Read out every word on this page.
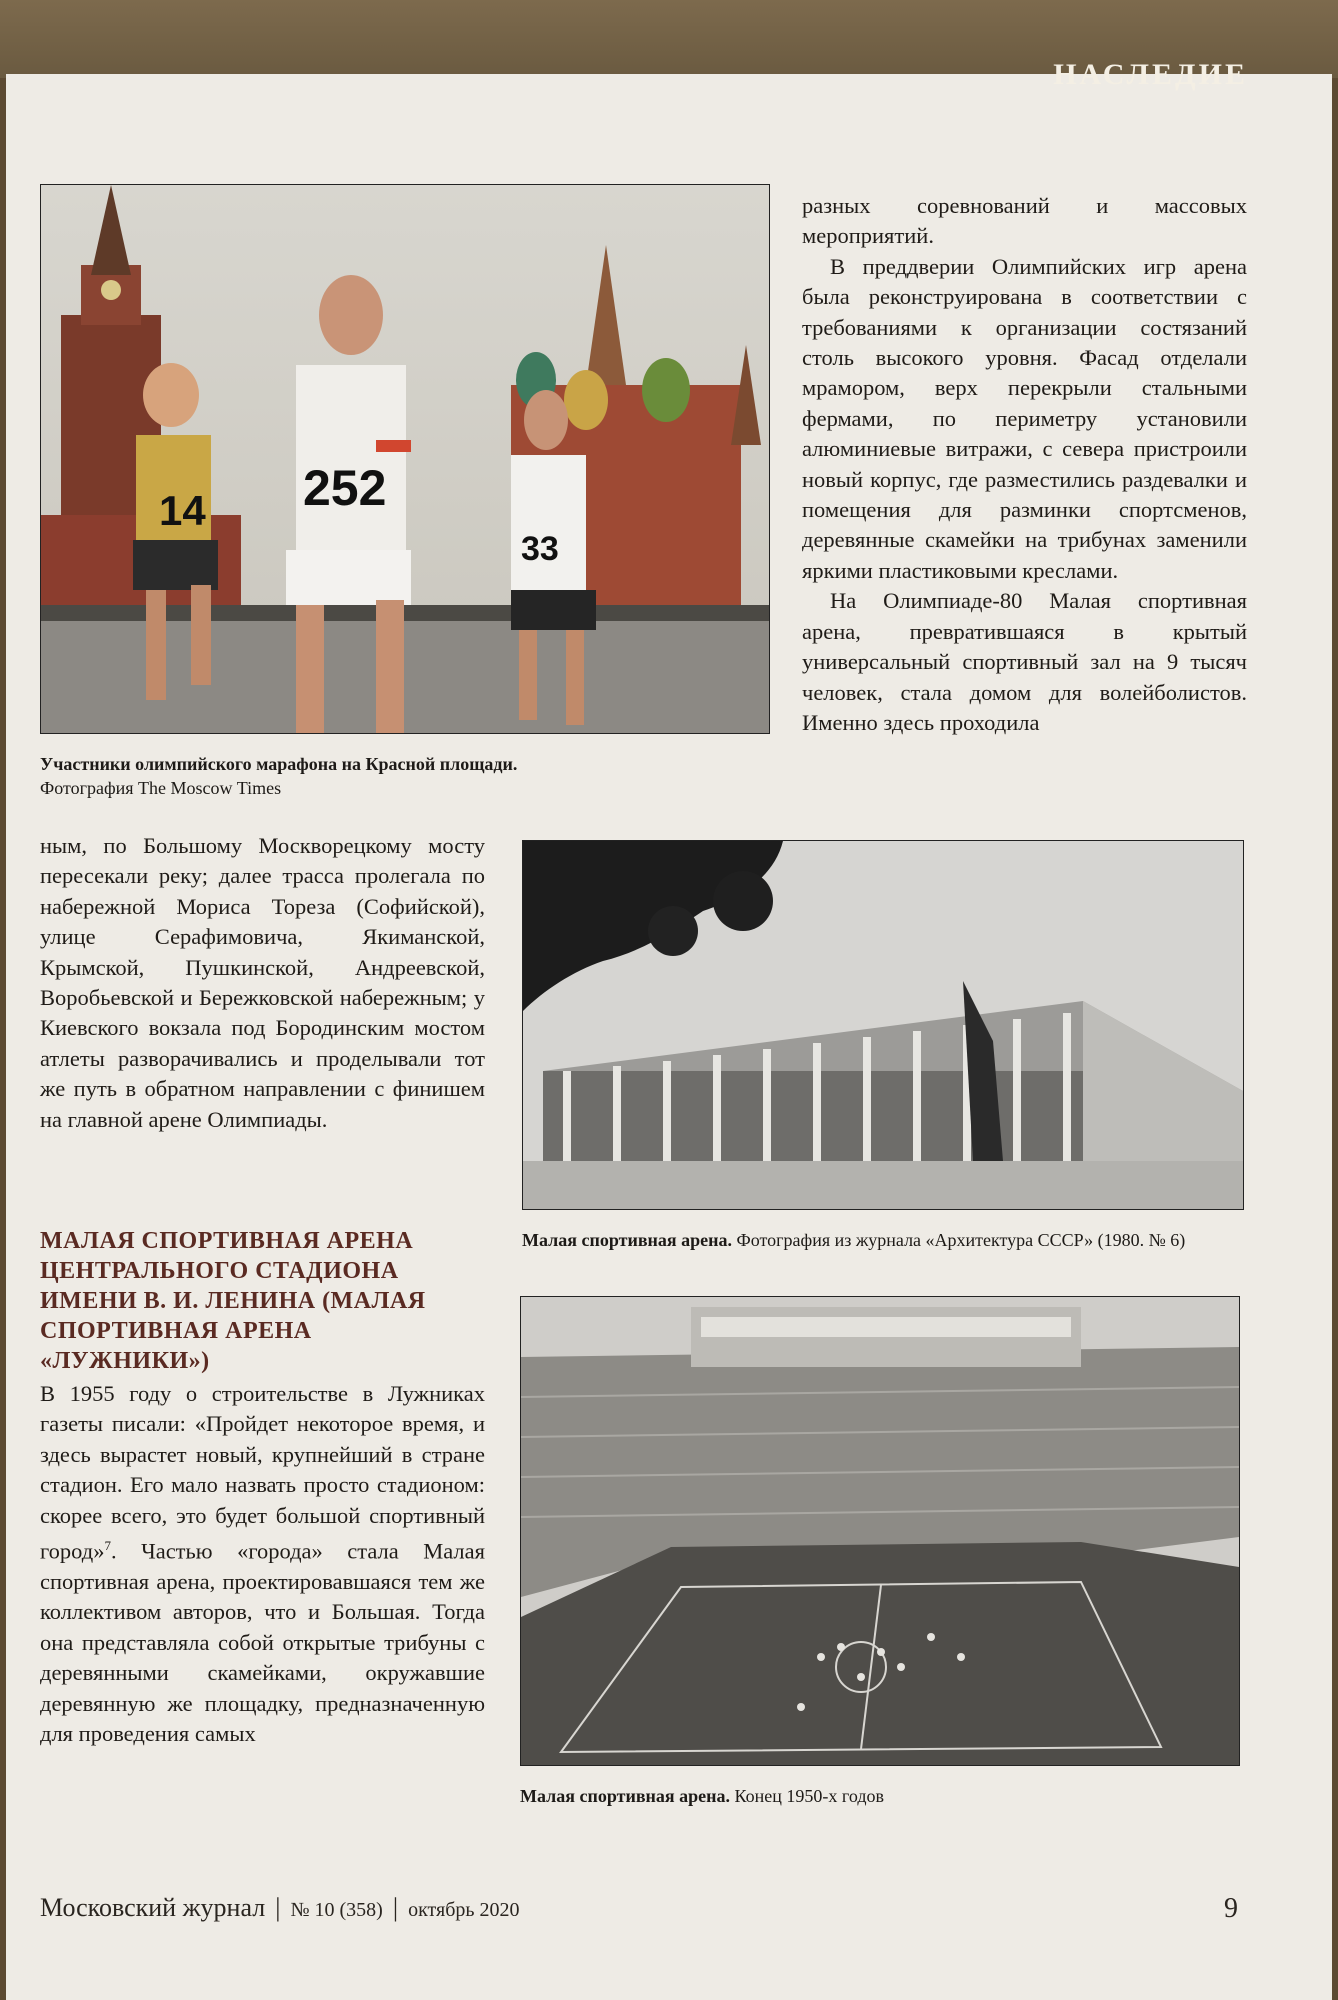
НАСЛЕДИЕ
14 252
33
Участники олимпийского марафона на Красной площади.
Фотография The Moscow Times

разных соревнований и массовых мероприятий.

В преддверии Олимпийских игр арена была реконструирована в соответствии с требованиями к организации состязаний столь высокого уровня. Фасад отделали мрамором, верх перекрыли стальными фермами, по периметру установили алюминиевые витражи, с севера пристроили новый корпус, где разместились раздевалки и помещения для разминки спортсменов, деревянные скамейки на трибунах заменили яркими пластиковыми креслами.

На Олимпиаде-80 Малая спортивная арена, превратившаяся в крытый универсальный спортивный зал на 9 тысяч человек, стала домом для волейболистов. Именно здесь проходила

ным, по Большому Москворецкому мосту пересекали реку; далее трасса пролегала по набережной Мориса Тореза (Софийской), улице Серафимовича, Якиманской, Крымской, Пушкинской, Андреевской, Воробьевской и Бережковской набережным; у Киевского вокзала под Бородинским мостом атлеты разворачивались и проделывали тот же путь в обратном направлении с финишем на главной арене Олимпиады.

МАЛАЯ СПОРТИВНАЯ АРЕНА ЦЕНТРАЛЬНОГО СТАДИОНА ИМЕНИ В. И. ЛЕНИНА (МАЛАЯ СПОРТИВНАЯ АРЕНА «ЛУЖНИКИ»)

В 1955 году о строительстве в Лужниках газеты писали: «Пройдет некоторое время, и здесь вырастет новый, крупнейший в стране стадион. Его мало назвать просто стадионом: скорее всего, это будет большой спортивный город»$^7$. Частью «города» стала Малая спортивная арена, проектировавшаяся тем же коллективом авторов, что и Большая. Тогда она представляла собой открытые трибуны с деревянными скамейками, окружавшие деревянную же площадку, предназначенную для проведения самых

Малая спортивная арена. Фотография из журнала «Архитектура СССР» (1980. № 6)
Малая спортивная арена. Конец 1950-х годов
Московский журнал | № 10 (358) | октябрь 2020	9
